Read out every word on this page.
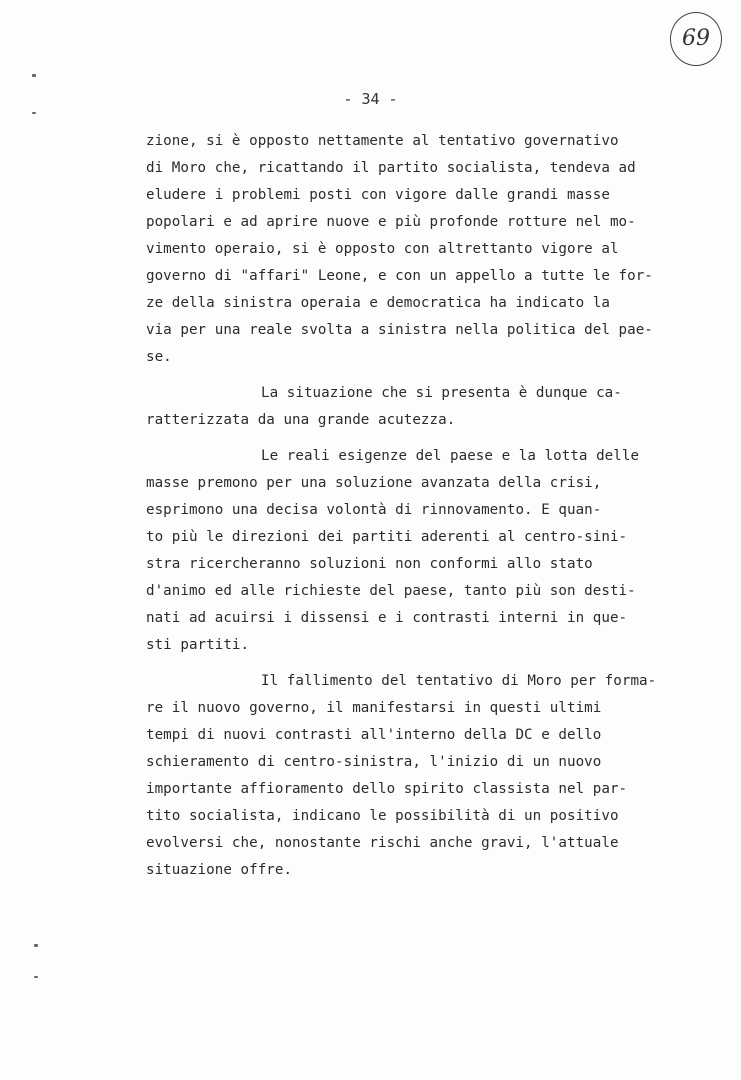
69
- 34 -
zione, si è opposto nettamente al tentativo governativo
di Moro che, ricattando il partito socialista, tendeva ad
eludere i problemi posti con vigore dalle grandi masse
popolari e ad aprire nuove e più profonde rotture nel mo-
vimento operaio, si è opposto con altrettanto vigore al
governo di "affari" Leone, e con un appello a tutte le for-
ze della sinistra operaia e democratica ha indicato la
via per una reale svolta a sinistra nella politica del pae-
se.
La situazione che si presenta è dunque ca-
ratterizzata da una grande acutezza.
Le reali esigenze del paese e la lotta delle
masse premono per una soluzione avanzata della crisi,
esprimono una decisa volontà di rinnovamento. E quan-
to più le direzioni dei partiti aderenti al centro-sini-
stra ricercheranno soluzioni non conformi allo stato
d'animo ed alle richieste del paese, tanto più son desti-
nati ad acuirsi i dissensi e i contrasti interni in que-
sti partiti.
Il fallimento del tentativo di Moro per forma-
re il nuovo governo, il manifestarsi in questi ultimi
tempi di nuovi contrasti all'interno della DC e dello
schieramento di centro-sinistra, l'inizio di un nuovo
importante affioramento dello spirito classista nel par-
tito socialista, indicano le possibilità di un positivo
evolversi che, nonostante rischi anche gravi, l'attuale
situazione offre.
